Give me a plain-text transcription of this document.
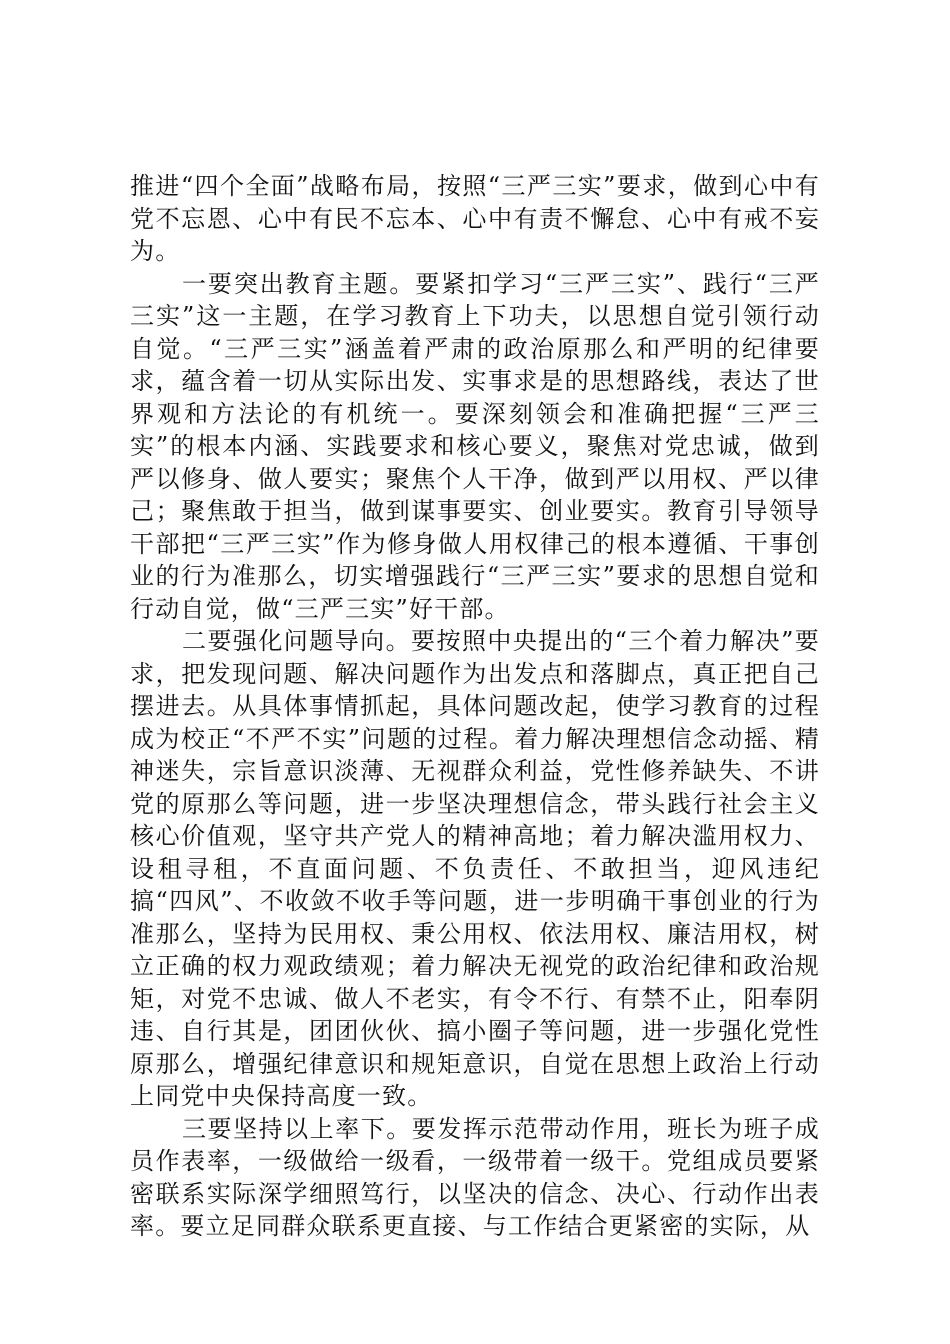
推进“四个全面”战略布局，按照“三严三实”要求，做到心中有党不忘恩、心中有民不忘本、心中有责不懈怠、心中有戒不妄为。

一要突出教育主题。要紧扣学习“三严三实”、践行“三严三实”这一主题，在学习教育上下功夫，以思想自觉引领行动自觉。“三严三实”涵盖着严肃的政治原那么和严明的纪律要求，蕴含着一切从实际出发、实事求是的思想路线，表达了世界观和方法论的有机统一。要深刻领会和准确把握“三严三实”的根本内涵、实践要求和核心要义，聚焦对党忠诚，做到严以修身、做人要实；聚焦个人干净，做到严以用权、严以律己；聚焦敢于担当，做到谋事要实、创业要实。教育引导领导干部把“三严三实”作为修身做人用权律己的根本遵循、干事创业的行为准那么，切实增强践行“三严三实”要求的思想自觉和行动自觉，做“三严三实”好干部。

二要强化问题导向。要按照中央提出的“三个着力解决”要求，把发现问题、解决问题作为出发点和落脚点，真正把自己摆进去。从具体事情抓起，具体问题改起，使学习教育的过程成为校正“不严不实”问题的过程。着力解决理想信念动摇、精神迷失，宗旨意识淡薄、无视群众利益，党性修养缺失、不讲党的原那么等问题，进一步坚决理想信念，带头践行社会主义核心价值观，坚守共产党人的精神高地；着力解决滥用权力、设租寻租，不直面问题、不负责任、不敢担当，迎风违纪搞“四风”、不收敛不收手等问题，进一步明确干事创业的行为准那么，坚持为民用权、秉公用权、依法用权、廉洁用权，树立正确的权力观政绩观；着力解决无视党的政治纪律和政治规矩，对党不忠诚、做人不老实，有令不行、有禁不止，阳奉阴违、自行其是，团团伙伙、搞小圈子等问题，进一步强化党性原那么，增强纪律意识和规矩意识，自觉在思想上政治上行动上同党中央保持高度一致。

三要坚持以上率下。要发挥示范带动作用，班长为班子成员作表率，一级做给一级看，一级带着一级干。党组成员要紧密联系实际深学细照笃行，以坚决的信念、决心、行动作出表率。要立足同群众联系更直接、与工作结合更紧密的实际，从
